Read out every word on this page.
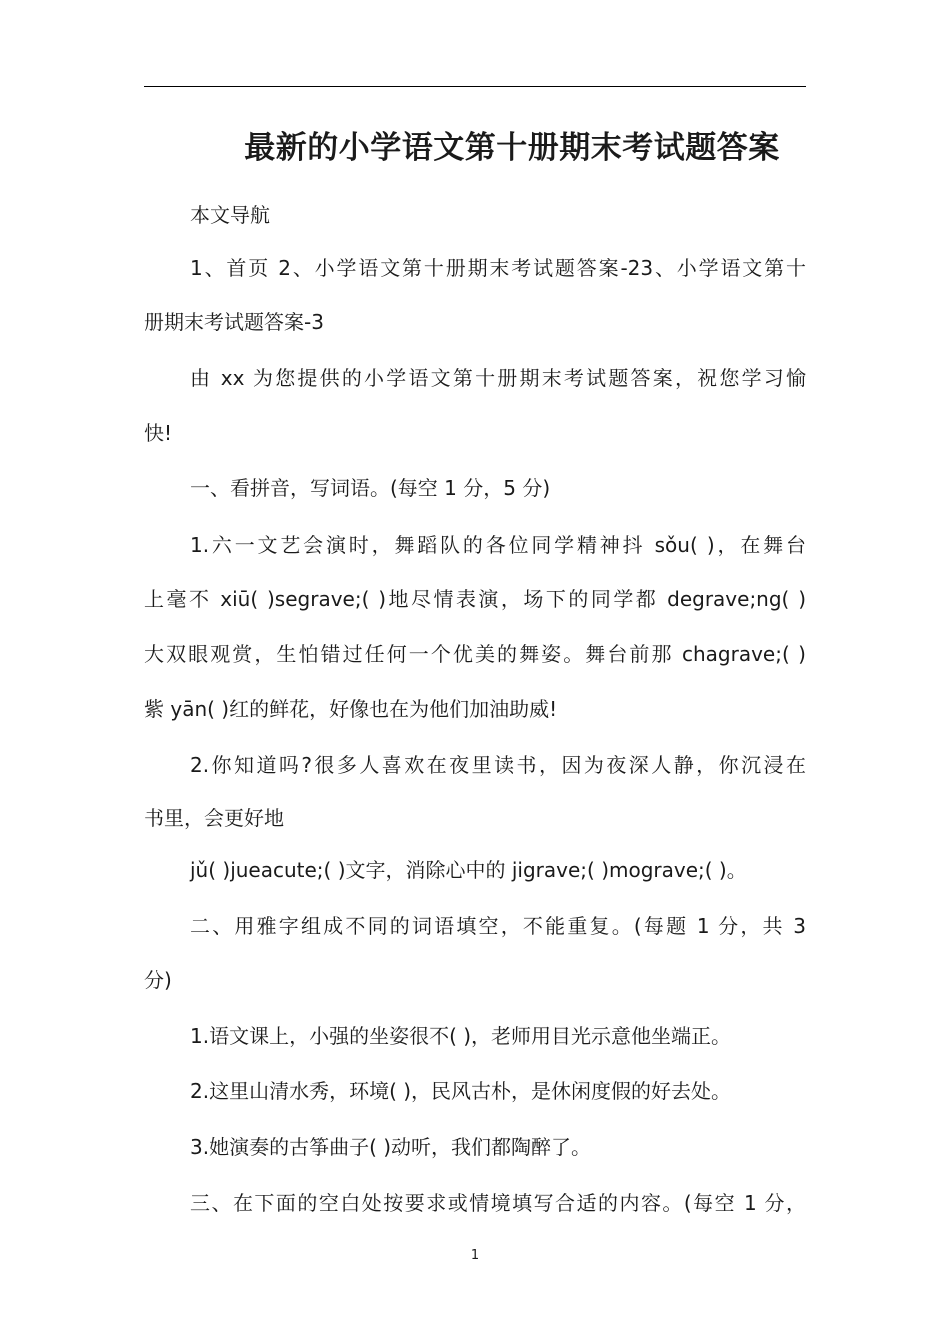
最新的小学语文第十册期末考试题答案
本文导航
1、首页 2、小学语文第十册期末考试题答案-23、小学语文第十
册期末考试题答案-3
由 xx 为您提供的小学语文第十册期末考试题答案，祝您学习愉
快!
一、看拼音，写词语。(每空 1 分，5 分)
1.六一文艺会演时，舞蹈队的各位同学精神抖 sǒu( )，在舞台
上毫不 xiū( )segrave;( )地尽情表演，场下的同学都 degrave;ng( )
大双眼观赏，生怕错过任何一个优美的舞姿。舞台前那 chagrave;( )
紫 yān( )红的鲜花，好像也在为他们加油助威!
2.你知道吗?很多人喜欢在夜里读书，因为夜深人静，你沉浸在
书里，会更好地
jǔ( )jueacute;( )文字，消除心中的 jigrave;( )mograve;( )。
二、用雅字组成不同的词语填空，不能重复。(每题 1 分，共 3
分)
1.语文课上，小强的坐姿很不( )，老师用目光示意他坐端正。
2.这里山清水秀，环境( )，民风古朴，是休闲度假的好去处。
3.她演奏的古筝曲子( )动听，我们都陶醉了。
三、在下面的空白处按要求或情境填写合适的内容。(每空 1 分，
1
